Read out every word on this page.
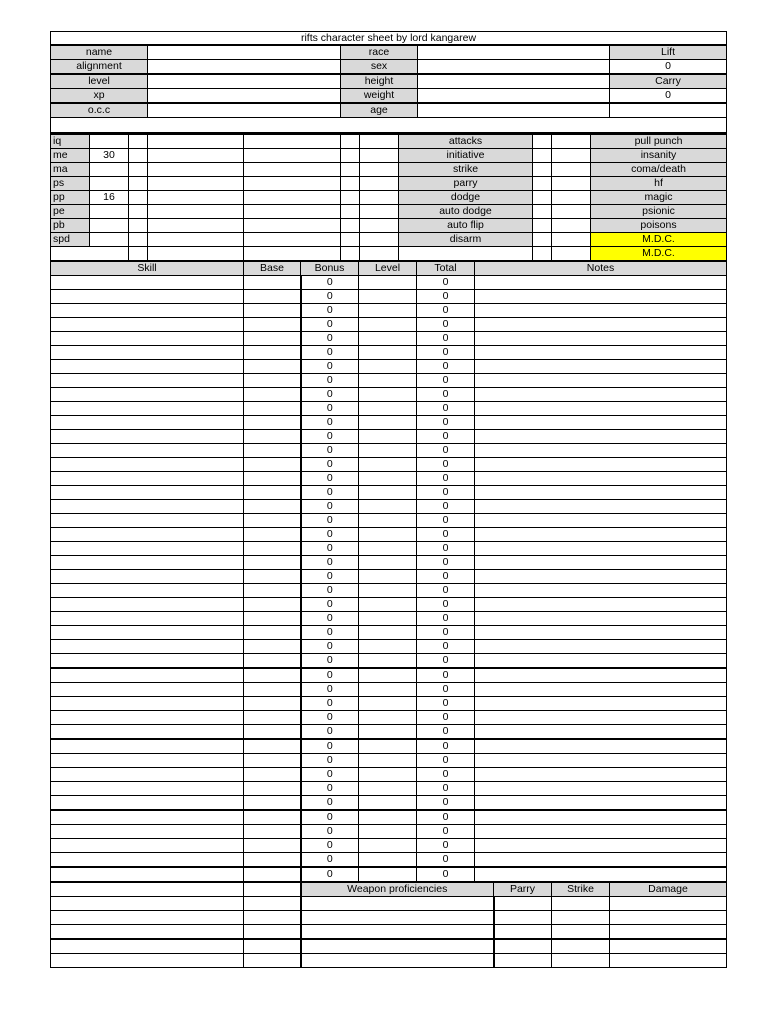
rifts character sheet by lord kangarew				
name		race		Lift
alignment		sex		0
level		height		Carry
xp		weight		0
o.c.c		age		

iq							attacks			pull punch
me	30						initiative			insanity
ma							strike			coma/death
ps							parry			hf
pp	16						dodge			magic
pe							auto dodge			psionic
pb							auto flip			poisons
spd							disarm			M.D.C.
										M.D.C.
Skill	Base	Bonus	Level	Total	Notes
		0		0	
		0		0	
		0		0	
		0		0	
		0		0	
		0		0	
		0		0	
		0		0	
		0		0	
		0		0	
		0		0	
		0		0	
		0		0	
		0		0	
		0		0	
		0		0	
		0		0	
		0		0	
		0		0	
		0		0	
		0		0	
		0		0	
		0		0	
		0		0	
		0		0	
		0		0	
		0		0	
		0		0	
		0		0	
		0		0	
		0		0	
		0		0	
		0		0	
		0		0	
		0		0	
		0		0	
		0		0	
		0		0	
		0		0	
		0		0	
		0		0	
		0		0	
		0		0	
		Weapon proficiencies	Parry	Strike	Damage
